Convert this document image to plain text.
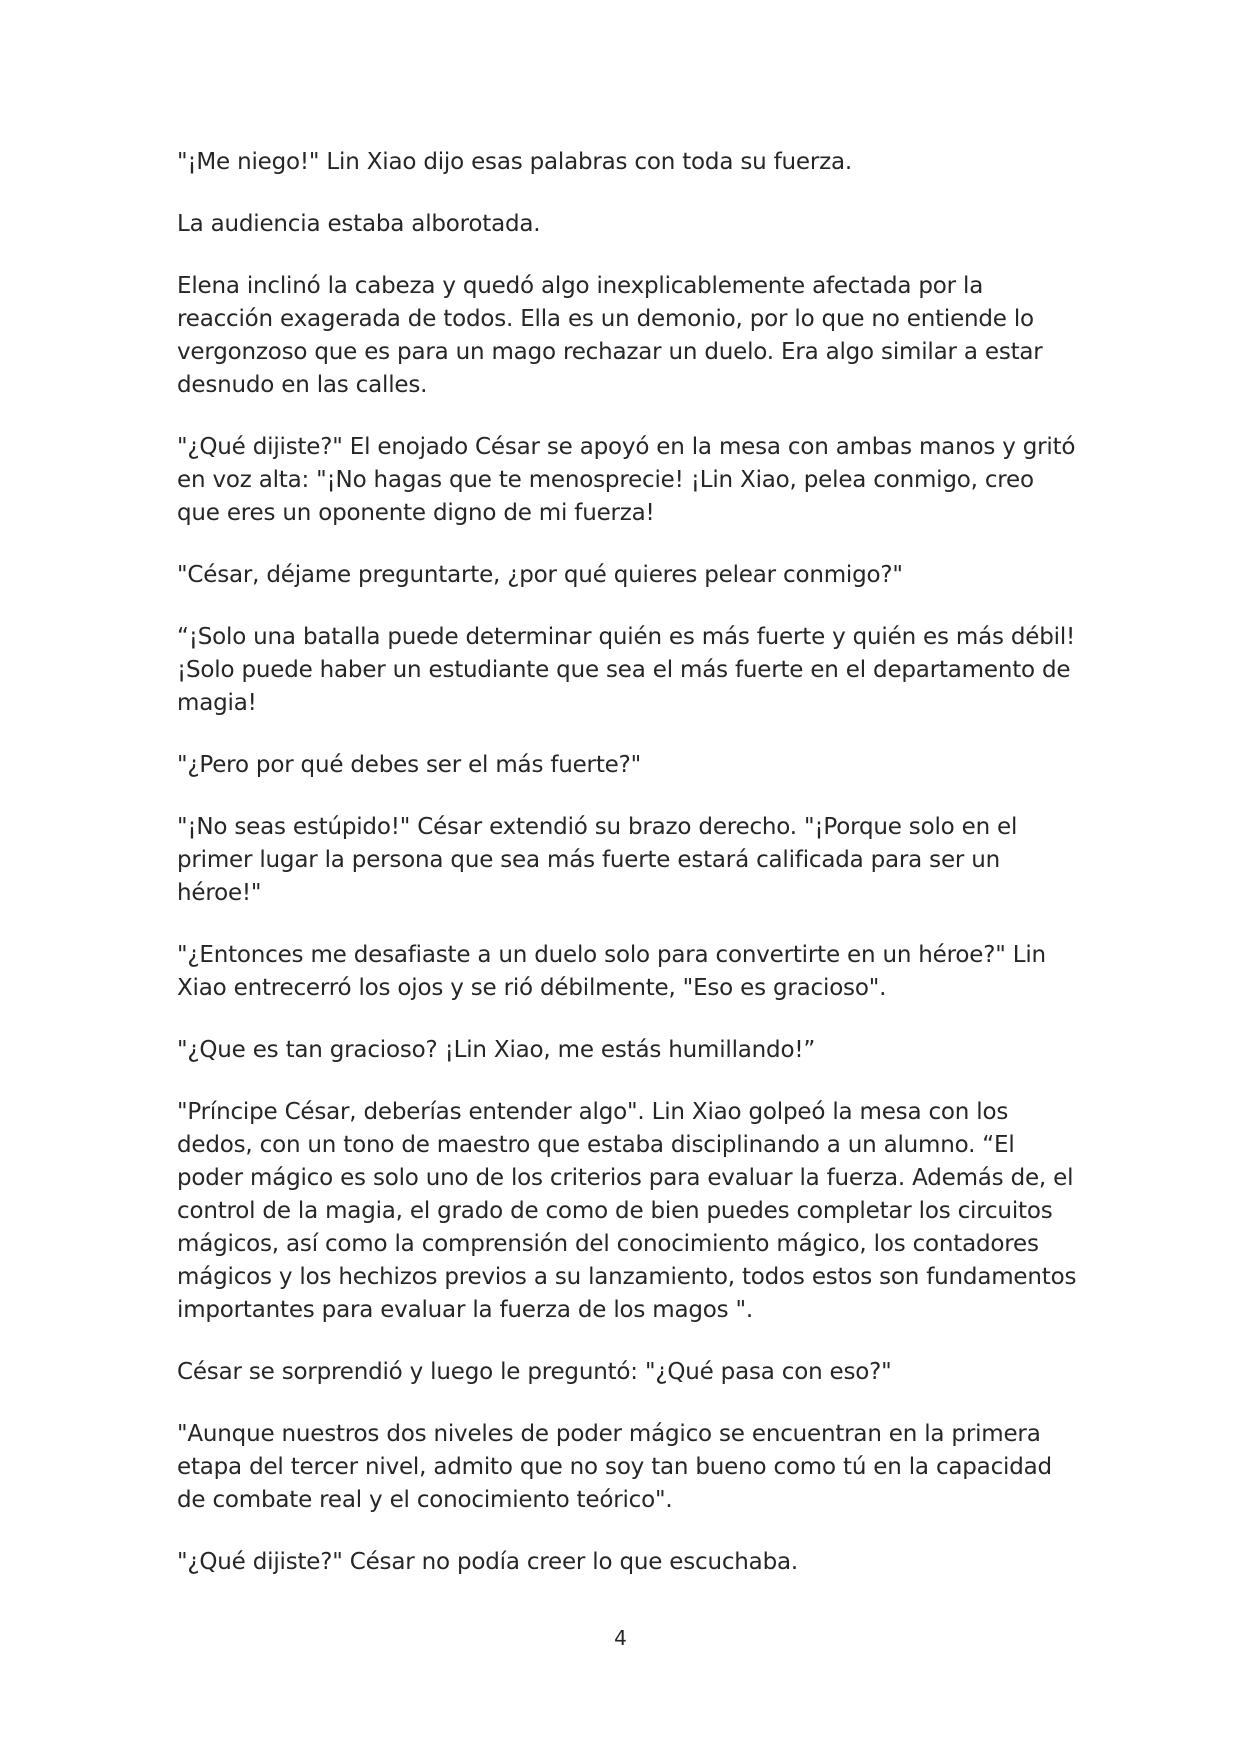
"¡Me niego!" Lin Xiao dijo esas palabras con toda su fuerza.

La audiencia estaba alborotada.

Elena inclinó la cabeza y quedó algo inexplicablemente afectada por la reacción exagerada de todos. Ella es un demonio, por lo que no entiende lo vergonzoso que es para un mago rechazar un duelo. Era algo similar a estar desnudo en las calles.

"¿Qué dijiste?" El enojado César se apoyó en la mesa con ambas manos y gritó en voz alta: "¡No hagas que te menosprecie! ¡Lin Xiao, pelea conmigo, creo que eres un oponente digno de mi fuerza!

"César, déjame preguntarte, ¿por qué quieres pelear conmigo?"

“¡Solo una batalla puede determinar quién es más fuerte y quién es más débil! ¡Solo puede haber un estudiante que sea el más fuerte en el departamento de magia!

"¿Pero por qué debes ser el más fuerte?"

"¡No seas estúpido!" César extendió su brazo derecho. "¡Porque solo en el primer lugar la persona que sea más fuerte estará calificada para ser un héroe!"

"¿Entonces me desafiaste a un duelo solo para convertirte en un héroe?" Lin Xiao entrecerró los ojos y se rió débilmente, "Eso es gracioso".

"¿Que es tan gracioso? ¡Lin Xiao, me estás humillando!”

"Príncipe César, deberías entender algo". Lin Xiao golpeó la mesa con los dedos, con un tono de maestro que estaba disciplinando a un alumno. “El poder mágico es solo uno de los criterios para evaluar la fuerza. Además de, el control de la magia, el grado de como de bien puedes completar los circuitos mágicos, así como la comprensión del conocimiento mágico, los contadores mágicos y los hechizos previos a su lanzamiento, todos estos son fundamentos importantes para evaluar la fuerza de los magos ".

César se sorprendió y luego le preguntó: "¿Qué pasa con eso?"

"Aunque nuestros dos niveles de poder mágico se encuentran en la primera etapa del tercer nivel, admito que no soy tan bueno como tú en la capacidad de combate real y el conocimiento teórico".

"¿Qué dijiste?" César no podía creer lo que escuchaba.

4
